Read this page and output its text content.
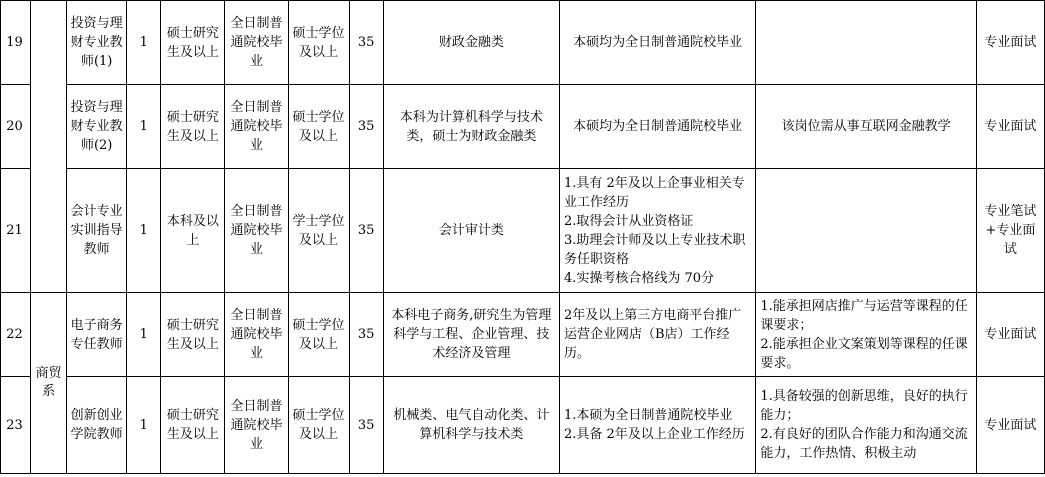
19		投资与理财专业教师(1)	1	硕士研究生及以上	全日制普通院校毕业	硕士学位及以上	35	财政金融类	本硕均为全日制普通院校毕业		专业面试
20		投资与理财专业教师(2)	1	硕士研究生及以上	全日制普通院校毕业	硕士学位及以上	35	本科为计算机科学与技术类，硕士为财政金融类	本硕均为全日制普通院校毕业	该岗位需从事互联网金融教学	专业面试
21		会计专业实训指导教师	1	本科及以上	全日制普通院校毕业	学士学位及以上	35	会计审计类	1.具有 2年及以上企事业相关专业工作经历
2.取得会计从业资格证
3.助理会计师及以上专业技术职务任职资格
4.实操考核合格线为 70分		专业笔试+专业面试
22	商贸系	电子商务专任教师	1	硕士研究生及以上	全日制普通院校毕业	硕士学位及以上	35	本科电子商务,研究生为管理科学与工程、企业管理、技术经济及管理	2年及以上第三方电商平台推广运营企业网店（B店）工作经历。	1.能承担网店推广与运营等课程的任课要求；
2.能承担企业文案策划等课程的任课要求。	专业面试
23		创新创业学院教师	1	硕士研究生及以上	全日制普通院校毕业	硕士学位及以上	35	机械类、电气自动化类、计算机科学与技术类	1.本硕为全日制普通院校毕业
2.具备 2年及以上企业工作经历	1.具备较强的创新思维，良好的执行能力；
2.有良好的团队合作能力和沟通交流能力，工作热情、积极主动	专业面试
